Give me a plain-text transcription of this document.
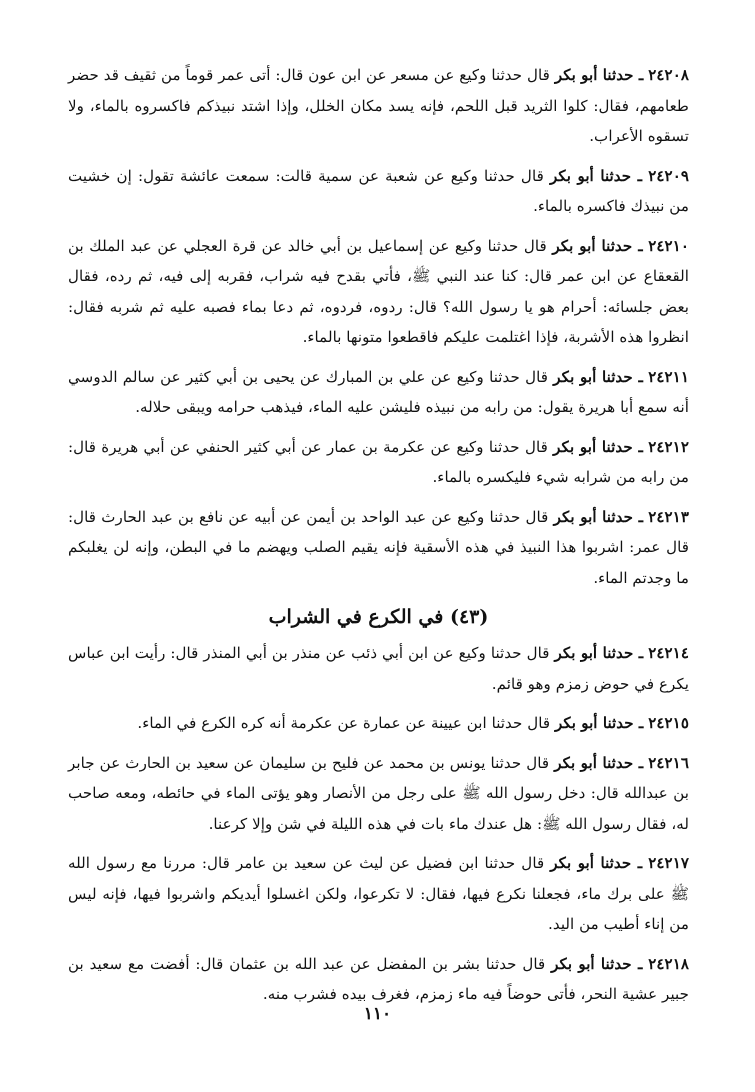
٢٤٢٠٨ ـ حدثنا أبو بكر قال حدثنا وكيع عن مسعر عن ابن عون قال: أتى عمر قوماً من ثقيف قد حضر طعامهم، فقال: كلوا الثريد قبل اللحم، فإنه يسد مكان الخلل، وإذا اشتد نبيذكم فاكسروه بالماء، ولا تسقوه الأعراب.

٢٤٢٠٩ ـ حدثنا أبو بكر قال حدثنا وكيع عن شعبة عن سمية قالت: سمعت عائشة تقول: إن خشيت من نبيذك فاكسره بالماء.

٢٤٢١٠ ـ حدثنا أبو بكر قال حدثنا وكيع عن إسماعيل بن أبي خالد عن قرة العجلي عن عبد الملك بن القعقاع عن ابن عمر قال: كنا عند النبي ﷺ، فأتي بقدح فيه شراب، فقربه إلى فيه، ثم رده، فقال بعض جلسائه: أحرام هو يا رسول الله؟ قال: ردوه، فردوه، ثم دعا بماء فصبه عليه ثم شربه فقال: انظروا هذه الأشربة، فإذا اغتلمت عليكم فاقطعوا متونها بالماء.

٢٤٢١١ ـ حدثنا أبو بكر قال حدثنا وكيع عن علي بن المبارك عن يحيى بن أبي كثير عن سالم الدوسي أنه سمع أبا هريرة يقول: من رابه من نبيذه فليشن عليه الماء، فيذهب حرامه ويبقى حلاله.

٢٤٢١٢ ـ حدثنا أبو بكر قال حدثنا وكيع عن عكرمة بن عمار عن أبي كثير الحنفي عن أبي هريرة قال: من رابه من شرابه شيء فليكسره بالماء.

٢٤٢١٣ ـ حدثنا أبو بكر قال حدثنا وكيع عن عبد الواحد بن أيمن عن أبيه عن نافع بن عبد الحارث قال: قال عمر: اشربوا هذا النبيذ في هذه الأسقية فإنه يقيم الصلب ويهضم ما في البطن، وإنه لن يغلبكم ما وجدتم الماء.

(٤٣) في الكرع في الشراب

٢٤٢١٤ ـ حدثنا أبو بكر قال حدثنا وكيع عن ابن أبي ذئب عن منذر بن أبي المنذر قال: رأيت ابن عباس يكرع في حوض زمزم وهو قائم.

٢٤٢١٥ ـ حدثنا أبو بكر قال حدثنا ابن عيينة عن عمارة عن عكرمة أنه كره الكرع في الماء.

٢٤٢١٦ ـ حدثنا أبو بكر قال حدثنا يونس بن محمد عن فليح بن سليمان عن سعيد بن الحارث عن جابر بن عبدالله قال: دخل رسول الله ﷺ على رجل من الأنصار وهو يؤتى الماء في حائطه، ومعه صاحب له، فقال رسول الله ﷺ: هل عندك ماء بات في هذه الليلة في شن وإلا كرعنا.

٢٤٢١٧ ـ حدثنا أبو بكر قال حدثنا ابن فضيل عن ليث عن سعيد بن عامر قال: مررنا مع رسول الله ﷺ على برك ماء، فجعلنا نكرع فيها، فقال: لا تكرعوا، ولكن اغسلوا أيديكم واشربوا فيها، فإنه ليس من إناء أطيب من اليد.

٢٤٢١٨ ـ حدثنا أبو بكر قال حدثنا بشر بن المفضل عن عبد الله بن عثمان قال: أفضت مع سعيد بن جبير عشية النحر، فأتى حوضاً فيه ماء زمزم، فغرف بيده فشرب منه.

١١٠
